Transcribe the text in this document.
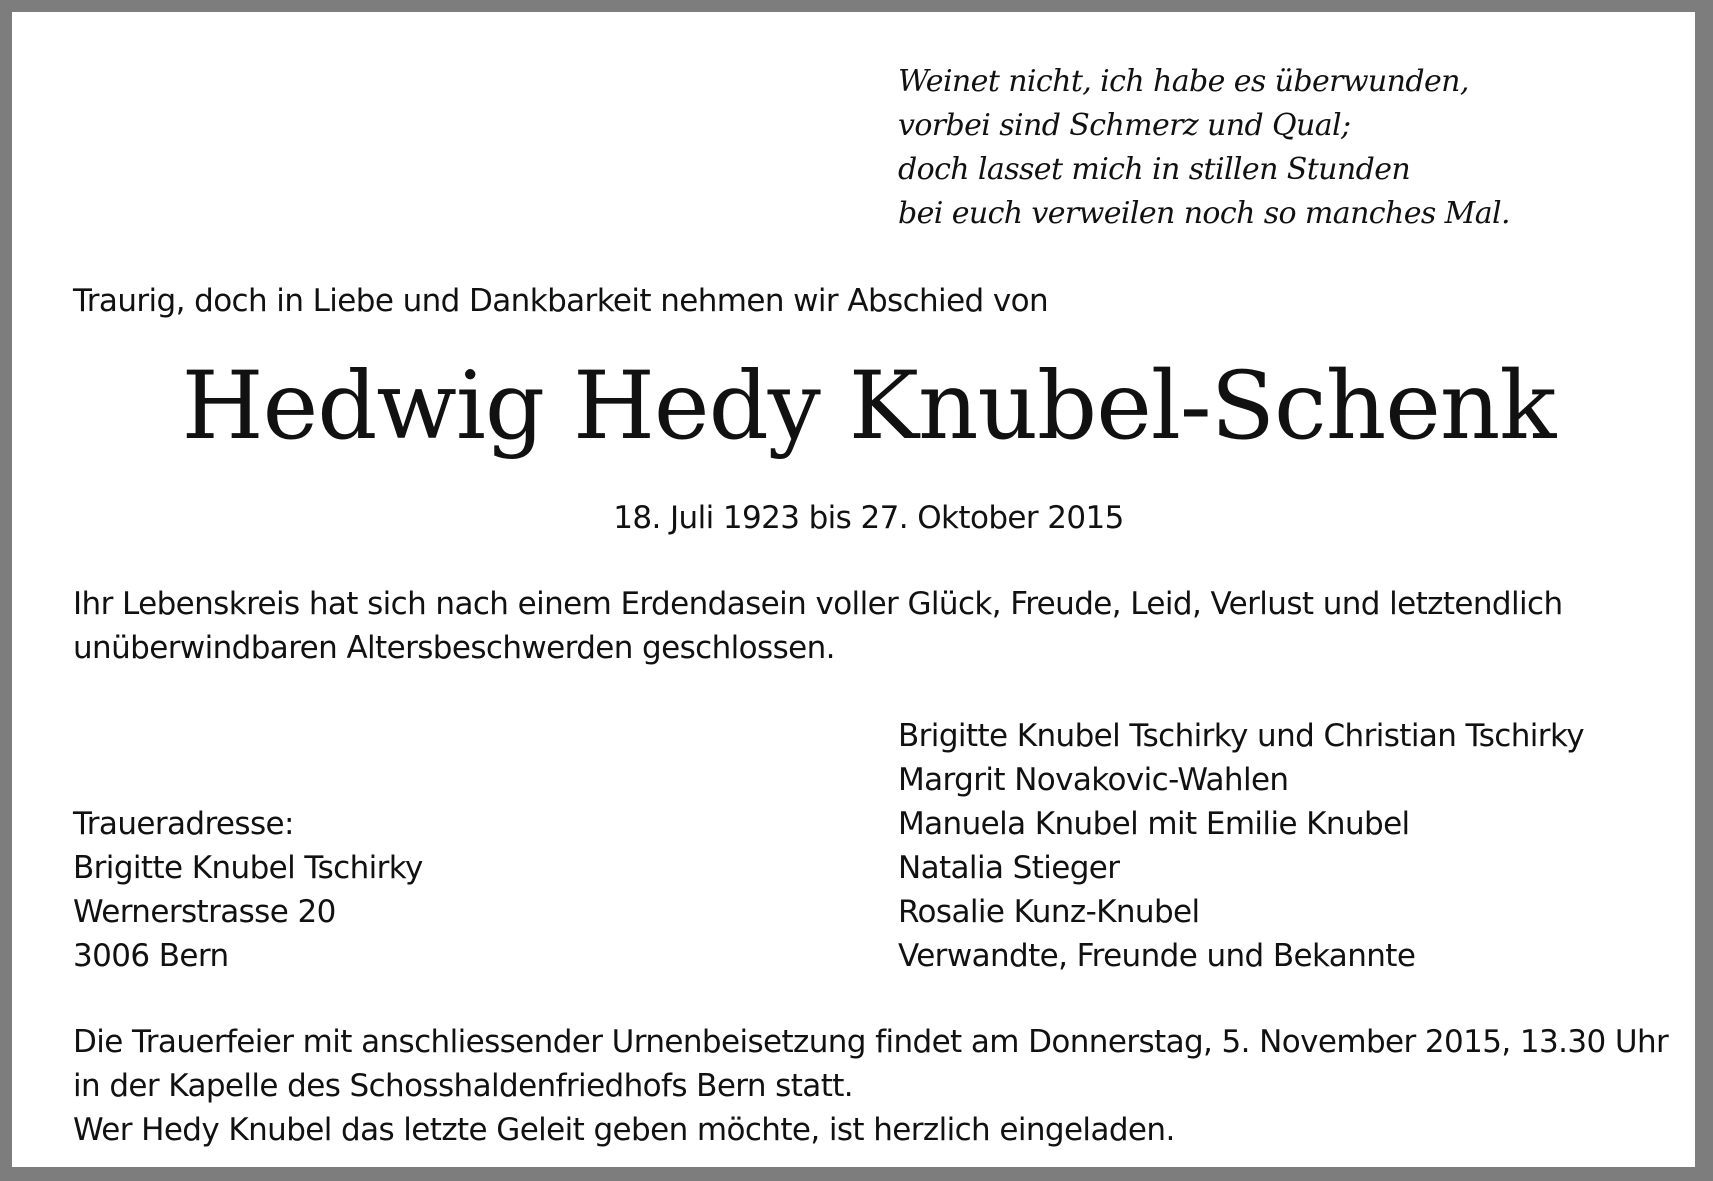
Weinet nicht, ich habe es überwunden,
vorbei sind Schmerz und Qual;
doch lasset mich in stillen Stunden
bei euch verweilen noch so manches Mal.
Traurig, doch in Liebe und Dankbarkeit nehmen wir Abschied von
Hedwig Hedy Knubel-Schenk
18. Juli 1923 bis 27. Oktober 2015
Ihr Lebenskreis hat sich nach einem Erdendasein voller Glück, Freude, Leid, Verlust und letztendlich
unüberwindbaren Altersbeschwerden geschlossen.
Traueradresse:
Brigitte Knubel Tschirky
Wernerstrasse 20
3006 Bern
Brigitte Knubel Tschirky und Christian Tschirky
Margrit Novakovic-Wahlen
Manuela Knubel mit Emilie Knubel
Natalia Stieger
Rosalie Kunz-Knubel
Verwandte, Freunde und Bekannte
Die Trauerfeier mit anschliessender Urnenbeisetzung findet am Donnerstag, 5. November 2015, 13.30 Uhr
in der Kapelle des Schosshaldenfriedhofs Bern statt.
Wer Hedy Knubel das letzte Geleit geben möchte, ist herzlich eingeladen.
